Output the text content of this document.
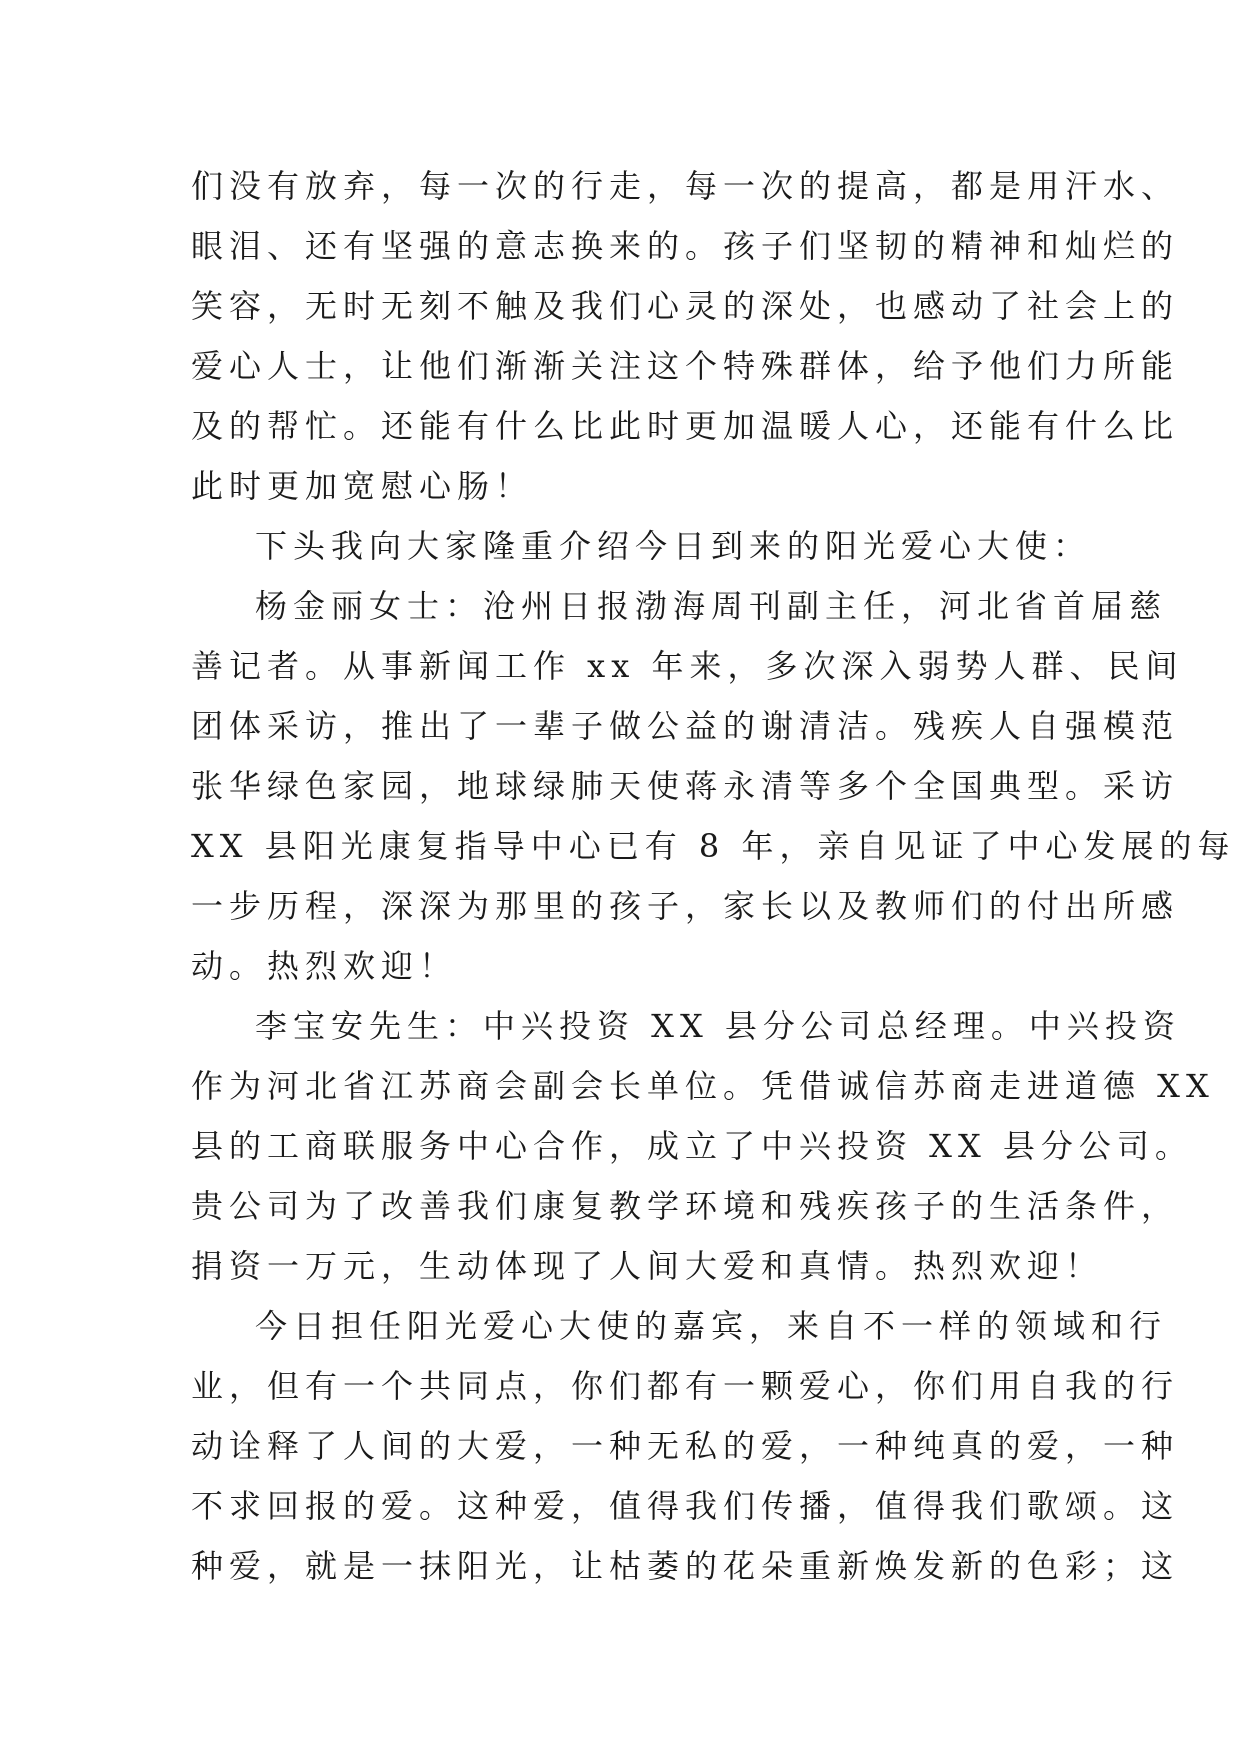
们没有放弃，每一次的行走，每一次的提高，都是用汗水、
眼泪、还有坚强的意志换来的。孩子们坚韧的精神和灿烂的
笑容，无时无刻不触及我们心灵的深处，也感动了社会上的
爱心人士，让他们渐渐关注这个特殊群体，给予他们力所能
及的帮忙。还能有什么比此时更加温暖人心，还能有什么比
此时更加宽慰心肠！
下头我向大家隆重介绍今日到来的阳光爱心大使：
杨金丽女士：沧州日报渤海周刊副主任，河北省首届慈
善记者。从事新闻工作 xx 年来，多次深入弱势人群、民间
团体采访，推出了一辈子做公益的谢清洁。残疾人自强模范
张华绿色家园，地球绿肺天使蒋永清等多个全国典型。采访
XX 县阳光康复指导中心已有 8 年，亲自见证了中心发展的每
一步历程，深深为那里的孩子，家长以及教师们的付出所感
动。热烈欢迎！
李宝安先生：中兴投资 XX 县分公司总经理。中兴投资
作为河北省江苏商会副会长单位。凭借诚信苏商走进道德 XX
县的工商联服务中心合作，成立了中兴投资 XX 县分公司。
贵公司为了改善我们康复教学环境和残疾孩子的生活条件，
捐资一万元，生动体现了人间大爱和真情。热烈欢迎！
今日担任阳光爱心大使的嘉宾，来自不一样的领域和行
业，但有一个共同点，你们都有一颗爱心，你们用自我的行
动诠释了人间的大爱，一种无私的爱，一种纯真的爱，一种
不求回报的爱。这种爱，值得我们传播，值得我们歌颂。这
种爱，就是一抹阳光，让枯萎的花朵重新焕发新的色彩；这
